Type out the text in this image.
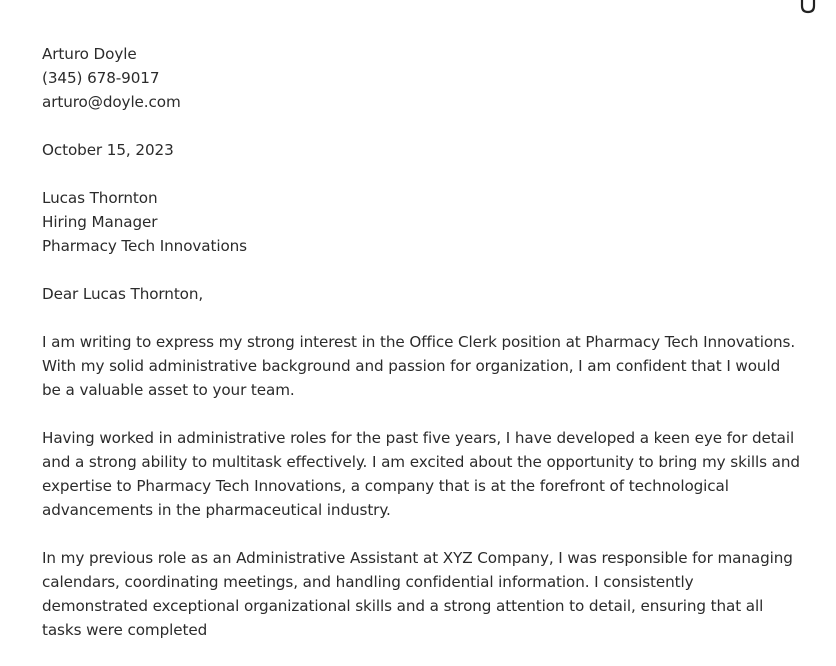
Arturo Doyle
(345) 678-9017
arturo@doyle.com
October 15, 2023
Lucas Thornton
Hiring Manager
Pharmacy Tech Innovations
Dear Lucas Thornton,

I am writing to express my strong interest in the Office Clerk position at Pharmacy Tech Innovations. With my solid administrative background and passion for organization, I am confident that I would be a valuable asset to your team.

Having worked in administrative roles for the past five years, I have developed a keen eye for detail and a strong ability to multitask effectively. I am excited about the opportunity to bring my skills and expertise to Pharmacy Tech Innovations, a company that is at the forefront of technological advancements in the pharmaceutical industry.

In my previous role as an Administrative Assistant at XYZ Company, I was responsible for managing calendars, coordinating meetings, and handling confidential information. I consistently demonstrated exceptional organizational skills and a strong attention to detail, ensuring that all tasks were completed
